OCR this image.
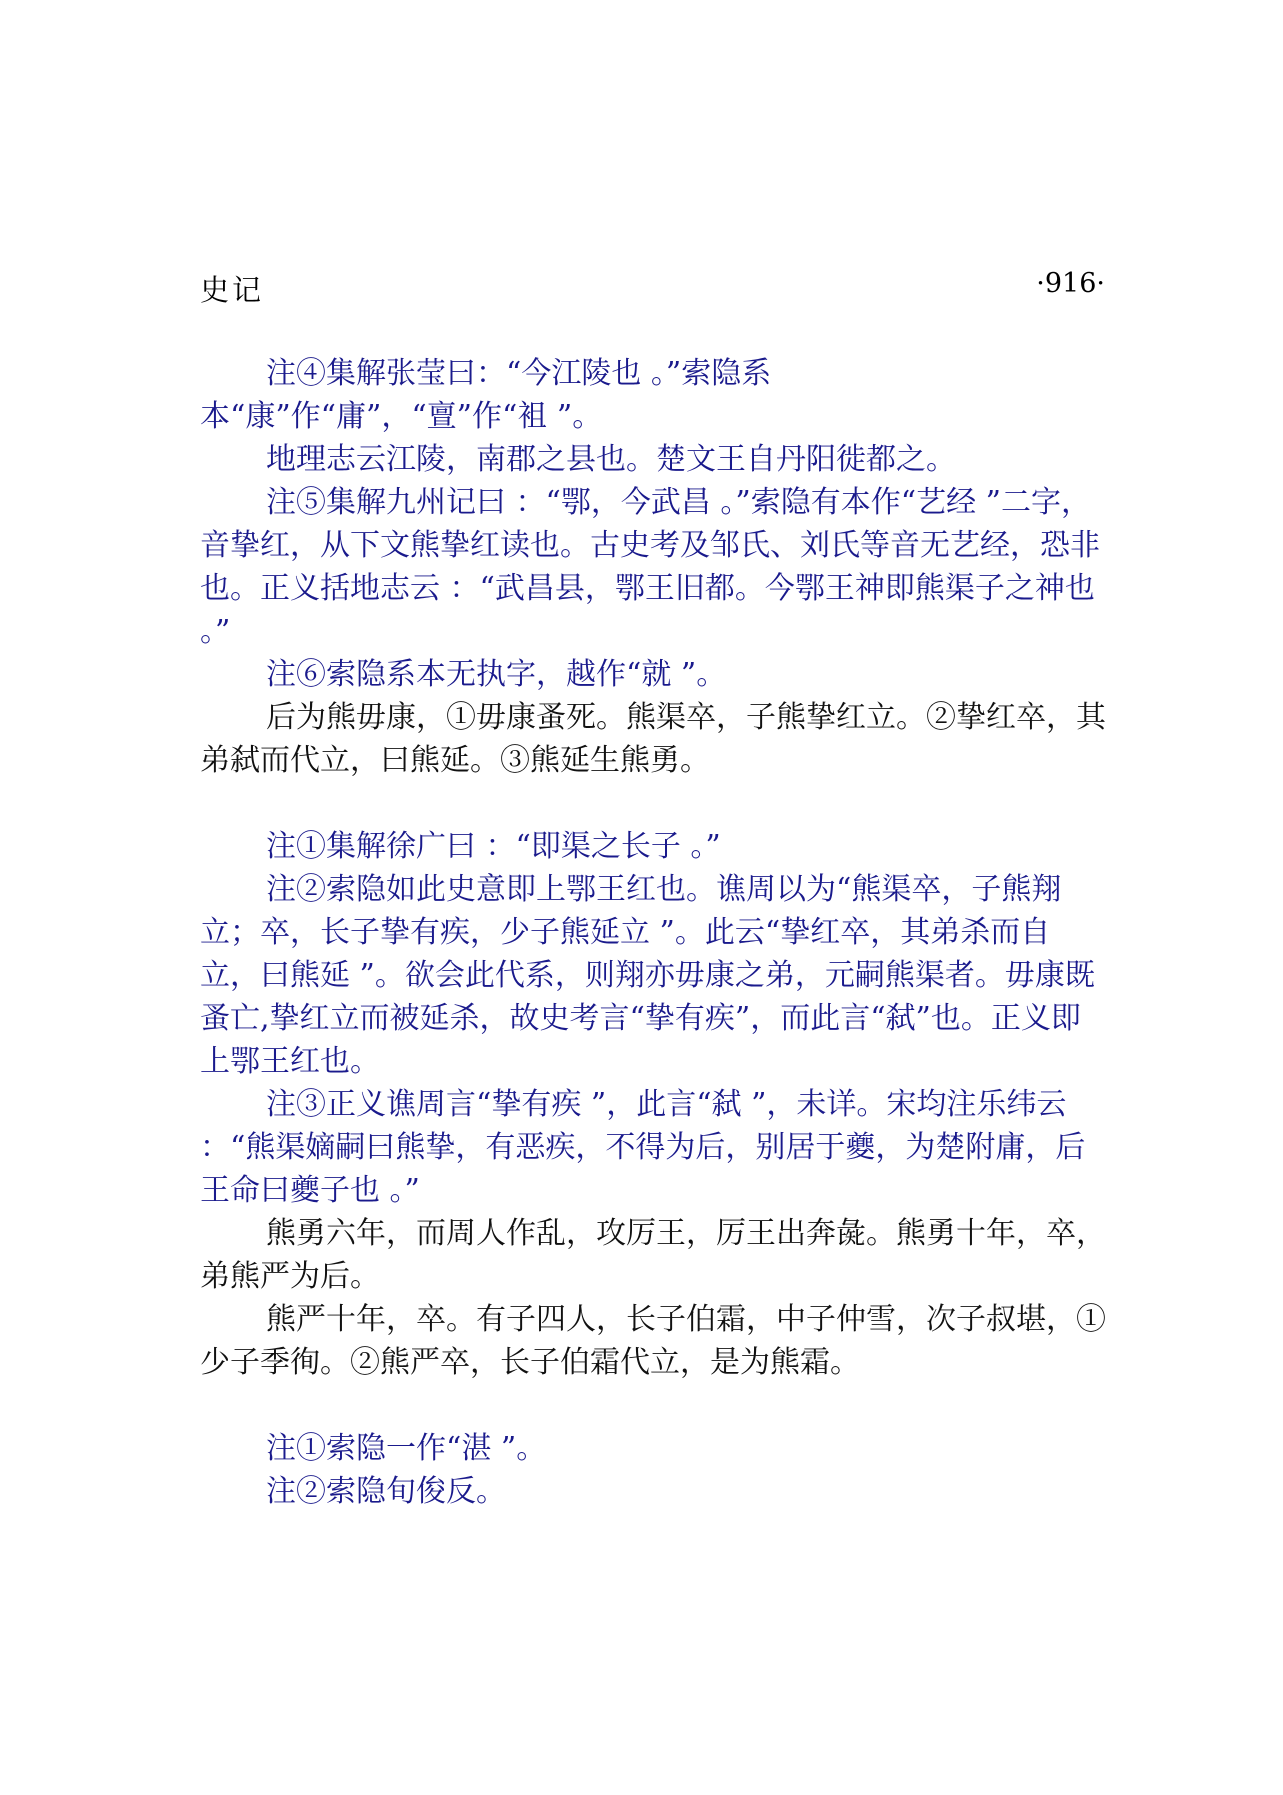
史记	·916·

注④集解张莹曰：“今江陵也 。”索隐系本“康”作“庸”，“亶”作“袓 ”。

地理志云江陵，南郡之县也。楚文王自丹阳徙都之。

注⑤集解九州记曰 ：“鄂，今武昌 。”索隐有本作“艺经 ”二字，音挚红，从下文熊挚红读也。古史考及邹氏、刘氏等音无艺经，恐非也。正义括地志云 ：“武昌县，鄂王旧都。今鄂王神即熊渠子之神也 。”

注⑥索隐系本无执字，越作“就 ”。

后为熊毋康，①毋康蚤死。熊渠卒，子熊挚红立。②挚红卒，其弟弑而代立，曰熊延。③熊延生熊勇。

注①集解徐广曰 ：“即渠之长子 。”

注②索隐如此史意即上鄂王红也。谯周以为“熊渠卒，子熊翔立；卒，长子挚有疾，少子熊延立 ”。此云“挚红卒，其弟杀而自立，曰熊延 ”。欲会此代系，则翔亦毋康之弟，元嗣熊渠者。毋康既蚤亡,挚红立而被延杀，故史考言“挚有疾”，而此言“弑”也。正义即上鄂王红也。

注③正义谯周言“挚有疾 ”，此言“弑 ”，未详。宋均注乐纬云 ：“熊渠嫡嗣曰熊挚，有恶疾，不得为后，别居于夔，为楚附庸，后王命曰夔子也 。”

熊勇六年，而周人作乱，攻厉王，厉王出奔彘。熊勇十年，卒，弟熊严为后。

熊严十年，卒。有子四人，长子伯霜，中子仲雪，次子叔堪，①少子季徇。②熊严卒，长子伯霜代立，是为熊霜。

注①索隐一作“湛 ”。

注②索隐旬俊反。
